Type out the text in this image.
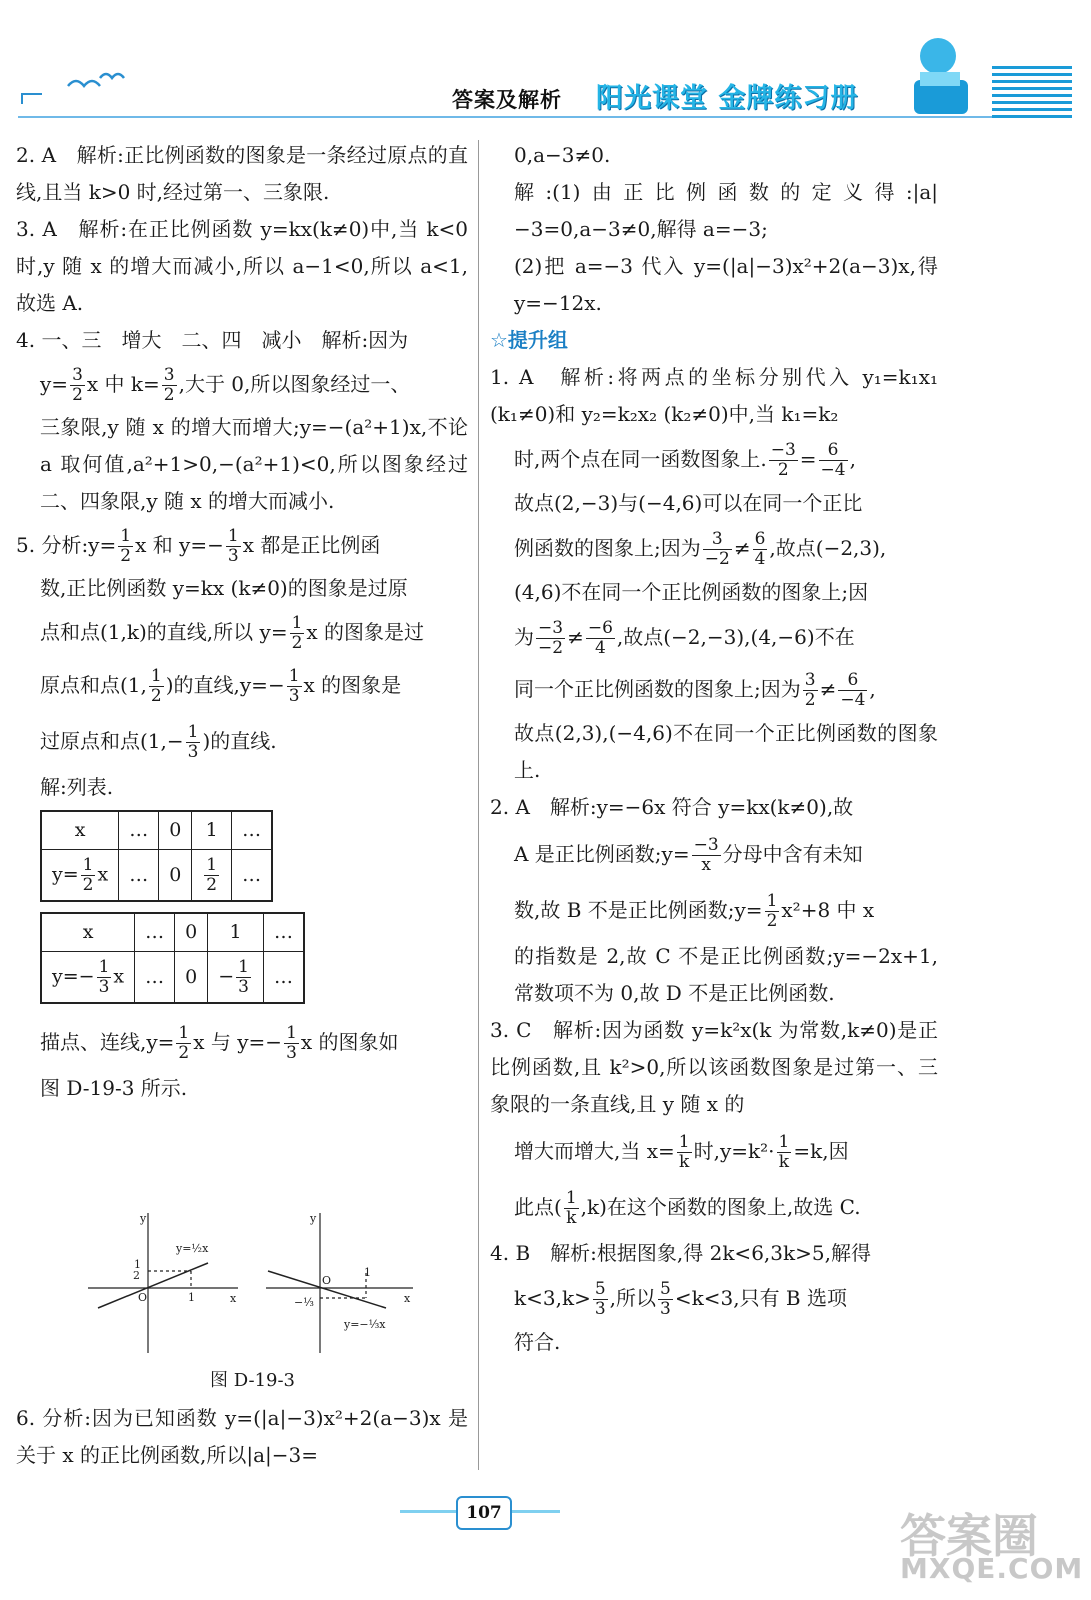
答案及解析 阳光课堂 金牌练习册

2. A　解析:正比例函数的图象是一条经过原点的直线,且当 k>0 时,经过第一、三象限.

3. A　解析:在正比例函数 y=kx(k≠0)中,当 k<0 时,y 随 x 的增大而减小,所以 a−1<0,所以 a<1,故选 A.

4. 一、三　增大　二、四　减小　解析:因为

$y= \frac{3}{2}$ x 中 $k= \frac{3}{2}$ ,大于 0,所以图象经过一、

三象限,y 随 x 的增大而增大;y=−(a²+1)x,不论 a 取何值,a²+1>0,−(a²+1)<0,所以图象经过二、四象限,y 随 x 的增大而减小.

5. 分析:y= $\frac{1}{2}$ x 和 $y=- \frac{1}{3}$ x 都是正比例函

数,正比例函数 y=kx (k≠0)的图象是过原

点和点(1,k)的直线,所以 $y= \frac{1}{2}$ x 的图象是过

原点和点(1, $\frac{1}{2}$ )的直线$,y=- \frac{1}{3}$ x 的图象是

过原点和点($1,- \frac{1}{3}$ )的直线.

解:列表.

x	…	0	1	…
$y= \frac{1}{2}$ x	…	0	$\frac{1}{2}$	…
x	…	0	1	…
$y=- \frac{1}{3}$ x	…	0	− $\frac{1}{3}$	…

描点、连线$,y= \frac{1}{2}$ x 与 $y=- \frac{1}{3}$ x 的图象如

图 D-19-3 所示.

y
x
O
1
2
1
y=½x
y
x
O
1
−⅓
y=−⅓x
图 D-19-3

6. 分析:因为已知函数 y=(|a|−3)x²+2(a−3)x 是关于 x 的正比例函数,所以|a|−3=

0,a−3≠0.

解:(1)由正比例函数的定义得:|a|−3=0,a−3≠0,解得 a=−3;

(2)把 a=−3 代入 y=(|a|−3)x²+2(a−3)x,得 y=−12x.

☆提升组

1. A　解析:将两点的坐标分别代入 y₁=k₁x₁ (k₁≠0)和 y₂=k₂x₂ (k₂≠0)中,当 k₁=k₂

时,两个点在同一函数图象上. $\frac{-3}{2} = \frac{6}{-4}$ ,

故点(2,−3)与(−4,6)可以在同一个正比

例函数的图象上;因为 $\frac{3}{-2} \ne \frac{6}{4}$ ,故点(−2,3),

(4,6)不在同一个正比例函数的图象上;因

为 $\frac{-3}{-2} \ne \frac{-6}{4}$ ,故点(−2,−3),(4,−6)不在

同一个正比例函数的图象上;因为 $\frac{3}{2} \ne \frac{6}{-4}$ ,

故点(2,3),(−4,6)不在同一个正比例函数的图象上.

2. A　解析:y=−6x 符合 y=kx(k≠0),故

A 是正比例函数;y= $\frac{-3}{x}$ 分母中含有未知

数,故 B 不是正比例函数;y= $\frac{1}{2} x^2+8$ 中 x

的指数是 2,故 C 不是正比例函数;y=−2x+1,常数项不为 0,故 D 不是正比例函数.

3. C　解析:因为函数 y=k²x(k 为常数,k≠0)是正比例函数,且 k²>0,所以该函数图象是过第一、三象限的一条直线,且 y 随 x 的

增大而增大,当 $x= \frac{1}{k}$ 时$,y=k^2\cdot \frac{1}{k} =k$,因

此点( $\frac{1}{k} ,k$)在这个函数的图象上,故选 C.

4. B　解析:根据图象,得 2k<6,3k>5,解得

$k<3,k> \frac{5}{3}$ ,所以 $\frac{5}{3} <k<3$,只有 B 选项

符合.

107	答案圈
MXQE.COM
